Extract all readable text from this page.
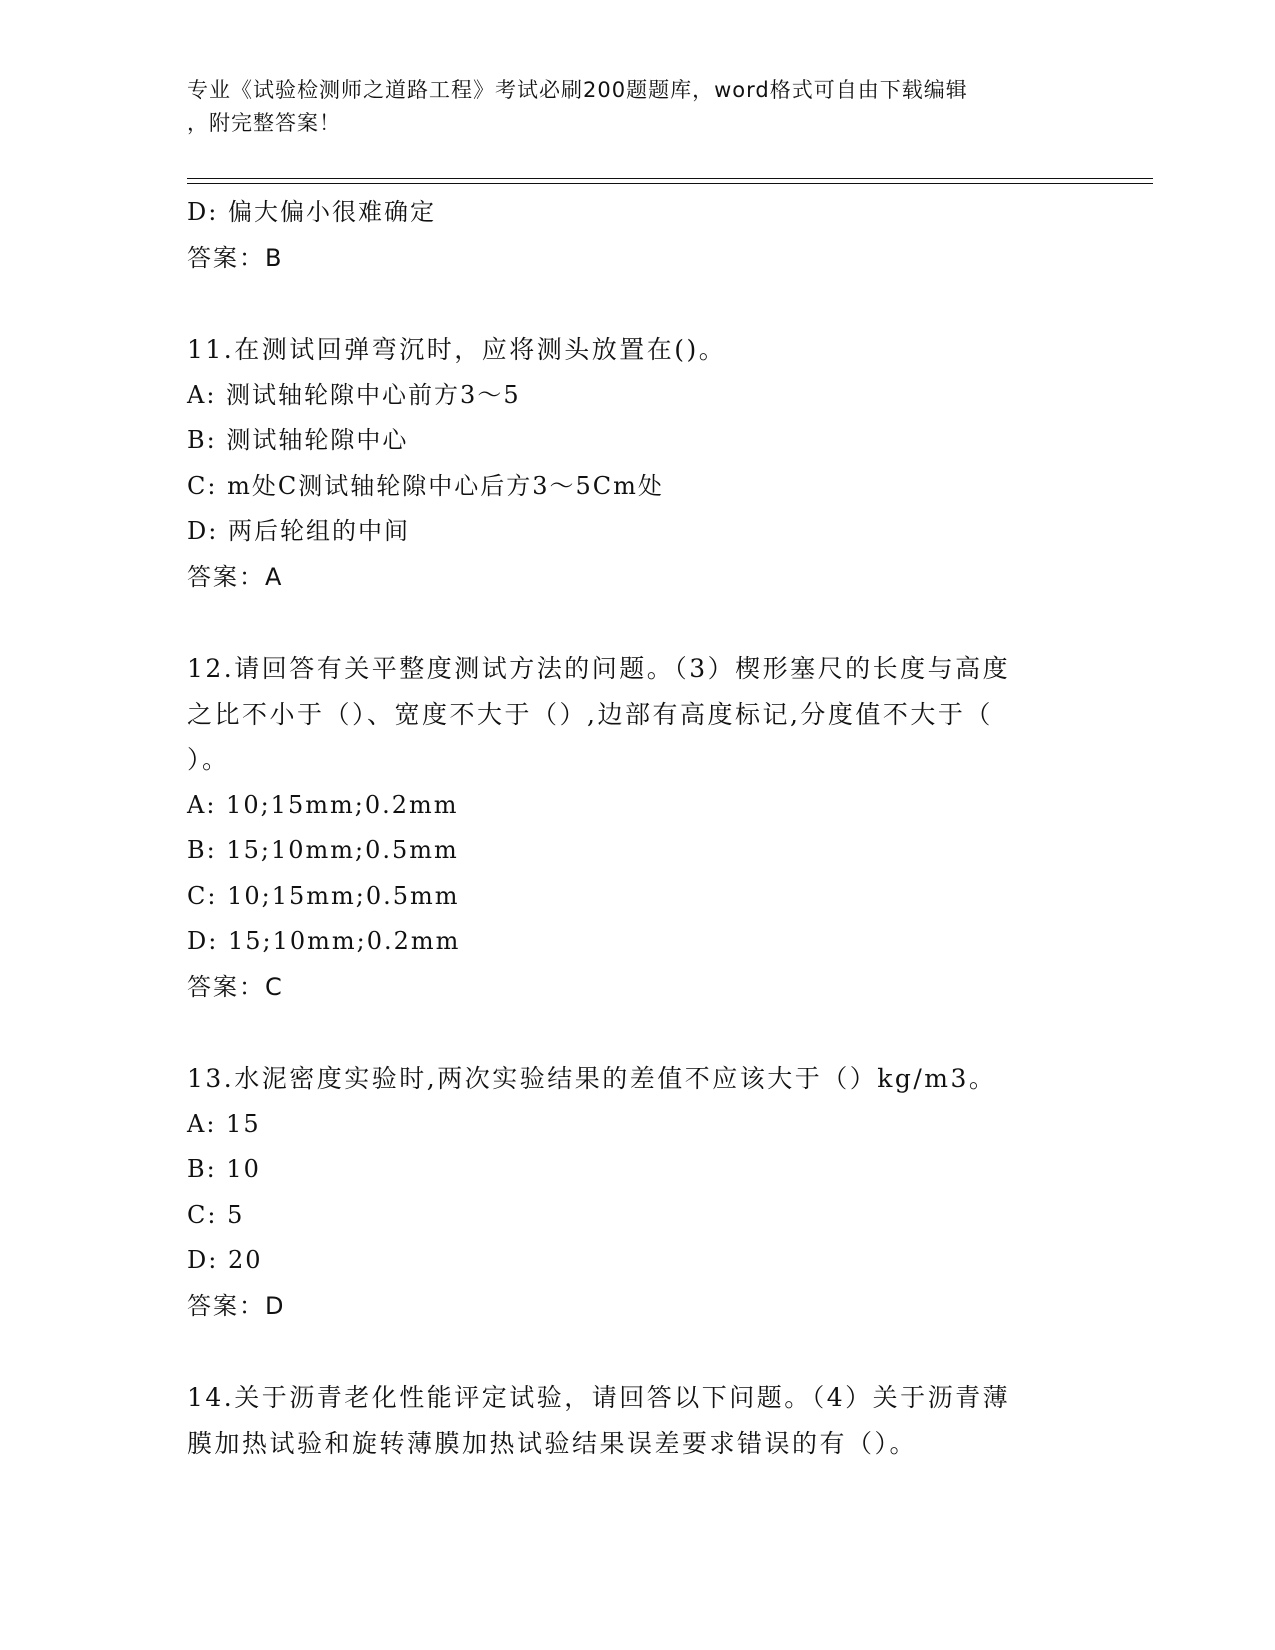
专业《试验检测师之道路工程》考试必刷200题题库，word格式可自由下载编辑
，附完整答案！
D: 偏大偏小很难确定
答案：B
11.在测试回弹弯沉时，应将测头放置在()。
A: 测试轴轮隙中心前方3～5
B: 测试轴轮隙中心
C: m处C测试轴轮隙中心后方3～5Cm处
D: 两后轮组的中间
答案：A
12.请回答有关平整度测试方法的问题。（3）楔形塞尺的长度与高度
之比不小于（）、宽度不大于（）,边部有高度标记,分度值不大于（
）。
A: 10;15mm;0.2mm
B: 15;10mm;0.5mm
C: 10;15mm;0.5mm
D: 15;10mm;0.2mm
答案：C
13.水泥密度实验时,两次实验结果的差值不应该大于（）kg/m3。
A: 15
B: 10
C: 5
D: 20
答案：D
14.关于沥青老化性能评定试验，请回答以下问题。（4）关于沥青薄
膜加热试验和旋转薄膜加热试验结果误差要求错误的有（）。
